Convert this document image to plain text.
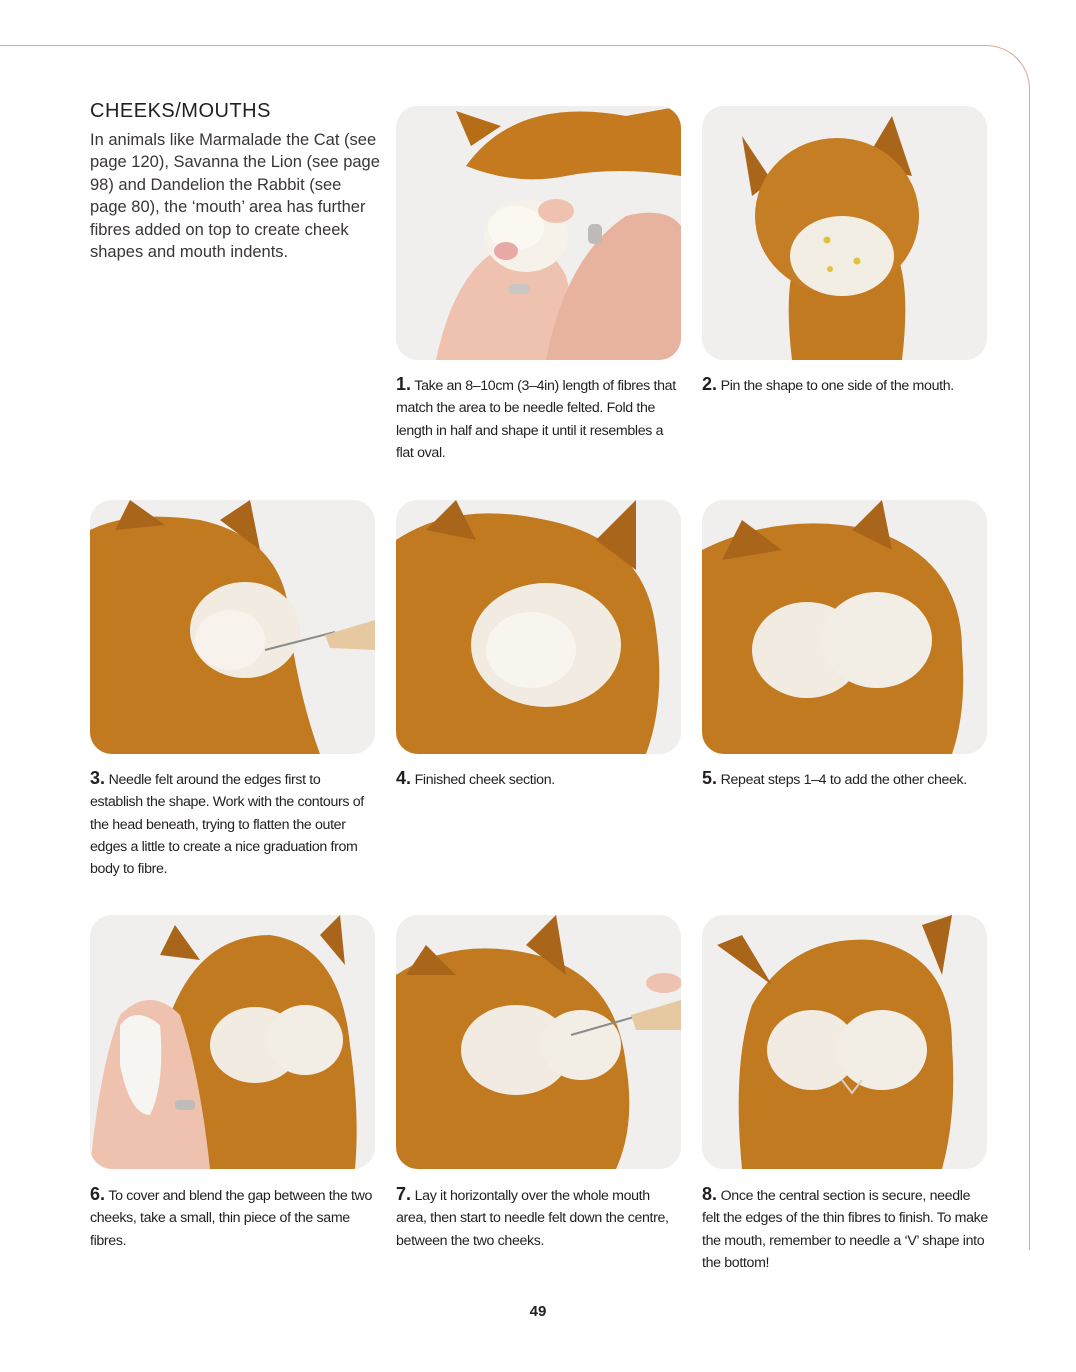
CHEEKS/MOUTHS

In animals like Marmalade the Cat (see page 120), Savanna the Lion (see page 98) and Dandelion the Rabbit (see page 80), the ‘mouth’ area has further fibres added on top to create cheek shapes and mouth indents.

1. Take an 8–10cm (3–4in) length of fibres that match the area to be needle felted. Fold the length in half and shape it until it resembles a flat oval.
2. Pin the shape to one side of the mouth.
3. Needle felt around the edges first to establish the shape. Work with the contours of the head beneath, trying to flatten the outer edges a little to create a nice graduation from body to fibre.
4. Finished cheek section.	5. Repeat steps 1–4 to add the other cheek.
6. To cover and blend the gap between the two cheeks, take a small, thin piece of the same fibres.
7. Lay it horizontally over the whole mouth area, then start to needle felt down the centre, between the two cheeks.
8. Once the central section is secure, needle felt the edges of the thin fibres to finish. To make the mouth, remember to needle a ‘V’ shape into the bottom!
49
